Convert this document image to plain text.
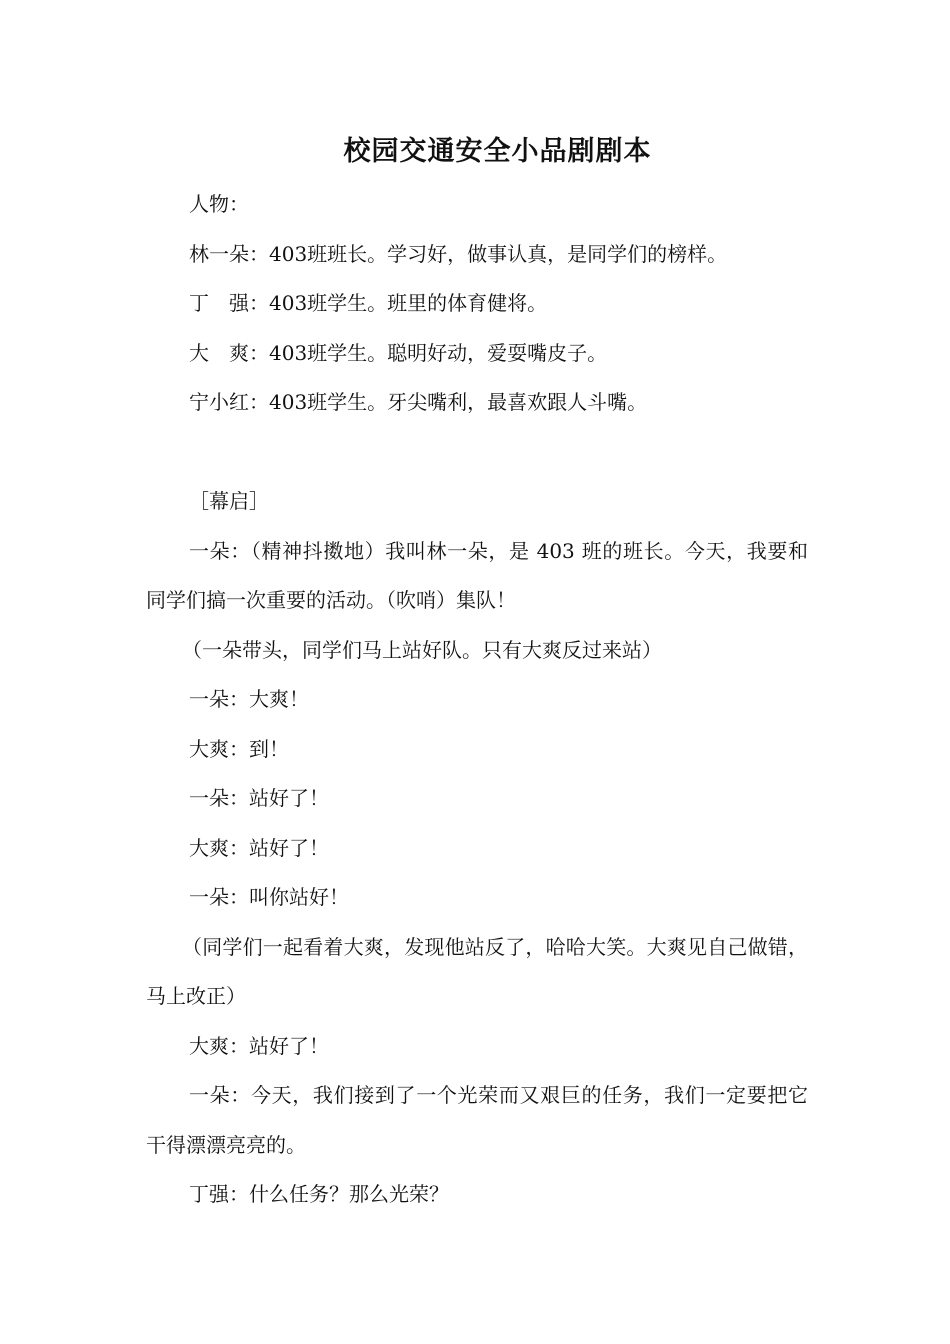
校园交通安全小品剧剧本

人物：

林一朵 ：403班班长。学习好，做事认真，是同学们的榜样。
丁 强 ：403班学生。班里的体育健将。
大 爽 ：403班学生。聪明好动，爱耍嘴皮子。
宁小红 ：403班学生。牙尖嘴利，最喜欢跟人斗嘴。

［幕启］

一朵：（精神抖擞地）我叫林一朵，是 403 班的班长。今天，我要和同学们搞一次重要的活动。（吹哨）集队！

（一朵带头，同学们马上站好队。只有大爽反过来站）

一朵：大爽！

大爽：到！

一朵：站好了！

大爽：站好了！

一朵：叫你站好！

（同学们一起看着大爽，发现他站反了，哈哈大笑。大爽见自己做错，马上改正）

大爽：站好了！

一朵：今天，我们接到了一个光荣而又艰巨的任务，我们一定要把它干得漂漂亮亮的。

丁强：什么任务？那么光荣？
